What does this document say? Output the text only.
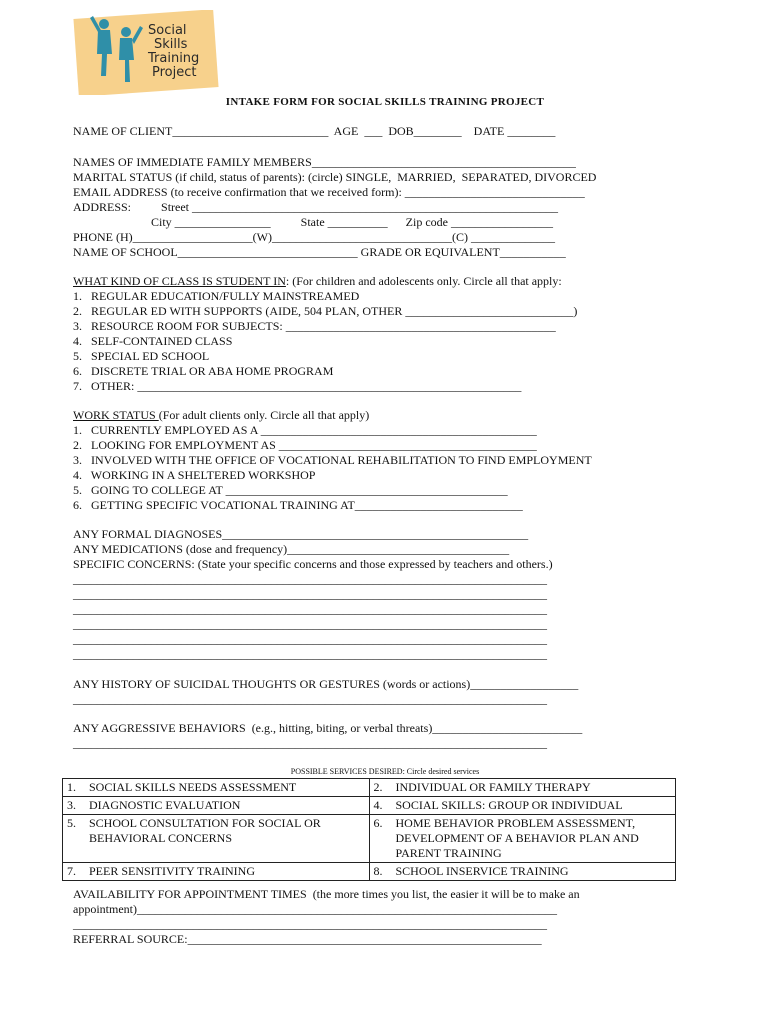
Social
Skills
Training
Project
INTAKE FORM FOR SOCIAL SKILLS TRAINING PROJECT
NAME OF CLIENT__________________________  AGE  ___  DOB________    DATE ________
NAMES OF IMMEDIATE FAMILY MEMBERS____________________________________________
MARITAL STATUS (if child, status of parents): (circle) SINGLE,  MARRIED,  SEPARATED, DIVORCED
EMAIL ADDRESS (to receive confirmation that we received form): ______________________________
ADDRESS:          Street _____________________________________________________________
City ________________          State __________      Zip code _________________
PHONE (H)____________________(W)______________________________(C) ______________
NAME OF SCHOOL______________________________ GRADE OR EQUIVALENT___________
WHAT KIND OF CLASS IS STUDENT IN: (For children and adolescents only. Circle all that apply:
1.   REGULAR EDUCATION/FULLY MAINSTREAMED
2.   REGULAR ED WITH SUPPORTS (AIDE, 504 PLAN, OTHER ____________________________)
3.   RESOURCE ROOM FOR SUBJECTS: _____________________________________________
4.   SELF-CONTAINED CLASS
5.   SPECIAL ED SCHOOL
6.   DISCRETE TRIAL OR ABA HOME PROGRAM
7.   OTHER: ________________________________________________________________
WORK STATUS (For adult clients only. Circle all that apply)
1.   CURRENTLY EMPLOYED AS A ______________________________________________
2.   LOOKING FOR EMPLOYMENT AS ___________________________________________
3.   INVOLVED WITH THE OFFICE OF VOCATIONAL REHABILITATION TO FIND EMPLOYMENT
4.   WORKING IN A SHELTERED WORKSHOP
5.   GOING TO COLLEGE AT _______________________________________________
6.   GETTING SPECIFIC VOCATIONAL TRAINING AT____________________________
ANY FORMAL DIAGNOSES___________________________________________________
ANY MEDICATIONS (dose and frequency)_____________________________________
SPECIFIC CONCERNS: (State your specific concerns and those expressed by teachers and others.)
_______________________________________________________________________________
_______________________________________________________________________________
_______________________________________________________________________________
_______________________________________________________________________________
_______________________________________________________________________________
_______________________________________________________________________________
ANY HISTORY OF SUICIDAL THOUGHTS OR GESTURES (words or actions)__________________
_______________________________________________________________________________
ANY AGGRESSIVE BEHAVIORS  (e.g., hitting, biting, or verbal threats)_________________________
_______________________________________________________________________________
POSSIBLE SERVICES DESIRED: Circle desired services
1. SOCIAL SKILLS NEEDS ASSESSMENT	2. INDIVIDUAL OR FAMILY THERAPY

3. DIAGNOSTIC EVALUATION	4. SOCIAL SKILLS: GROUP OR INDIVIDUAL

5. SCHOOL CONSULTATION FOR SOCIAL OR BEHAVIORAL CONCERNS	6. HOME BEHAVIOR PROBLEM ASSESSMENT, DEVELOPMENT OF A BEHAVIOR PLAN AND PARENT TRAINING

7. PEER SENSITIVITY TRAINING	8. SCHOOL INSERVICE TRAINING
AVAILABILITY FOR APPOINTMENT TIMES  (the more times you list, the easier it will be to make an
appointment)______________________________________________________________________
_______________________________________________________________________________
REFERRAL SOURCE:___________________________________________________________
